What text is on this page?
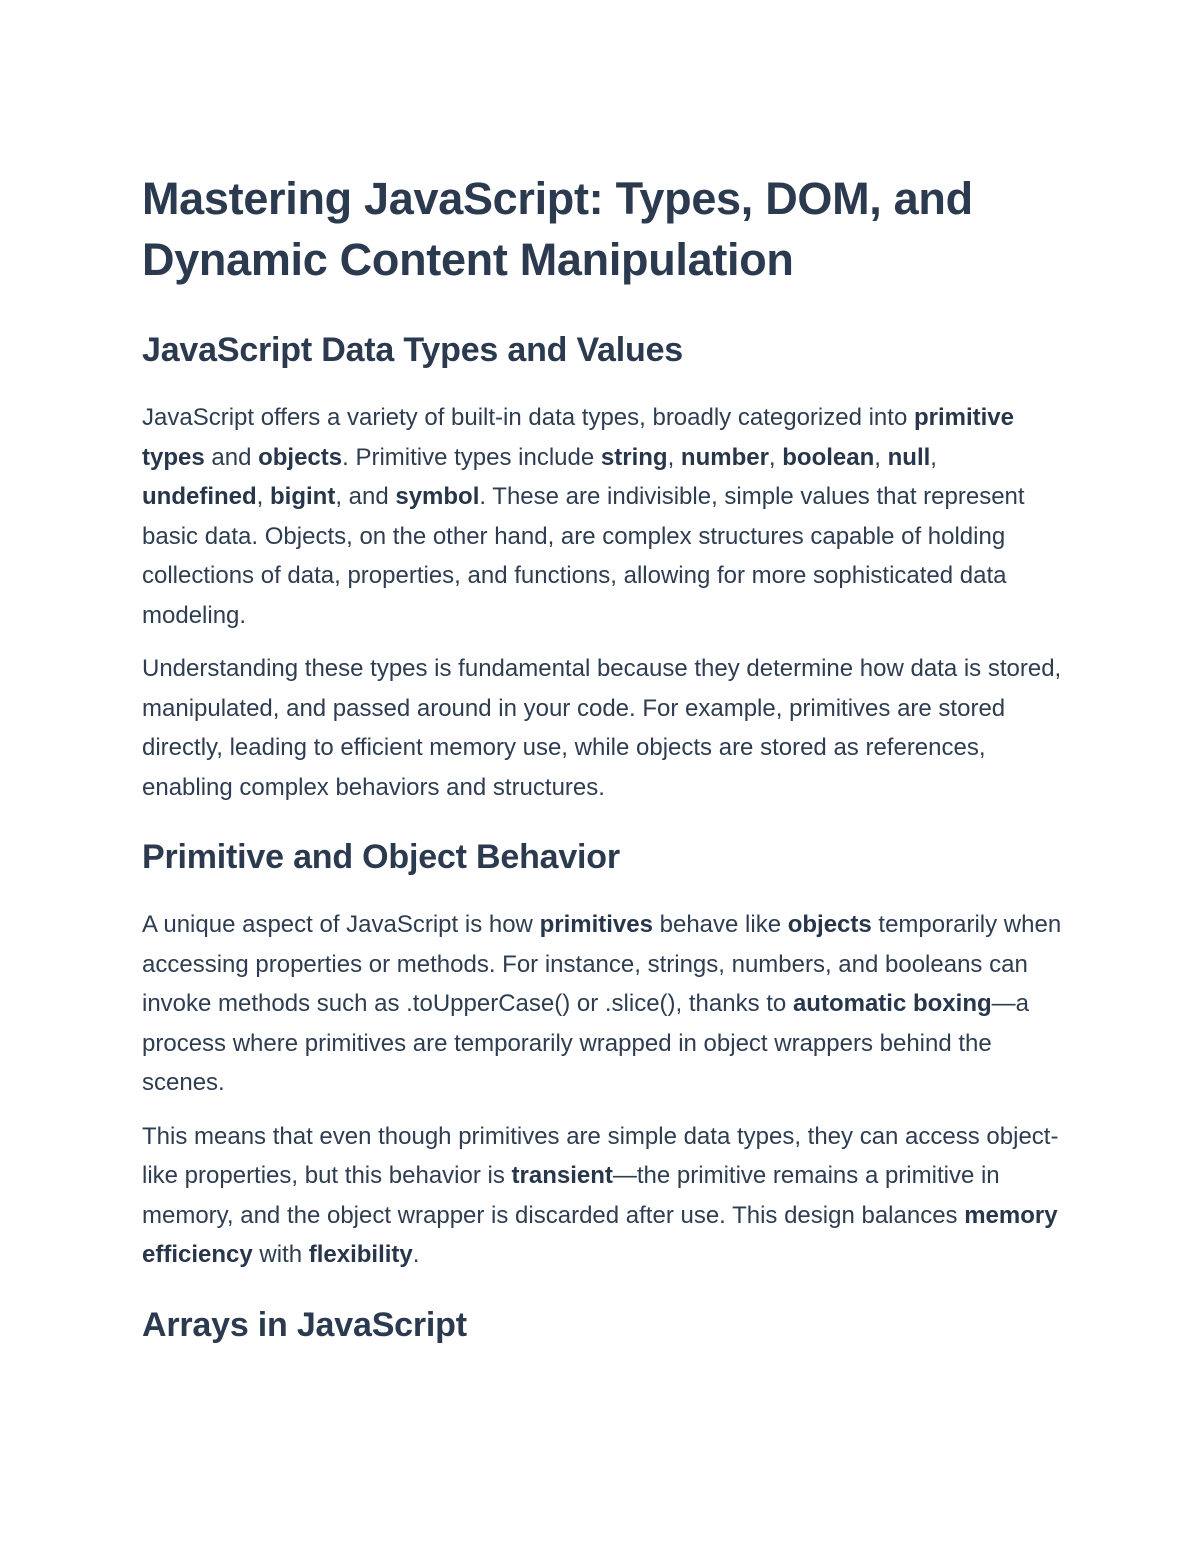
Mastering JavaScript: Types, DOM, and Dynamic Content Manipulation
JavaScript Data Types and Values

JavaScript offers a variety of built-in data types, broadly categorized into primitive types and objects. Primitive types include string, number, boolean, null, undefined, bigint, and symbol. These are indivisible, simple values that represent basic data. Objects, on the other hand, are complex structures capable of holding collections of data, properties, and functions, allowing for more sophisticated data modeling.

Understanding these types is fundamental because they determine how data is stored, manipulated, and passed around in your code. For example, primitives are stored directly, leading to efficient memory use, while objects are stored as references, enabling complex behaviors and structures.

Primitive and Object Behavior

A unique aspect of JavaScript is how primitives behave like objects temporarily when accessing properties or methods. For instance, strings, numbers, and booleans can invoke methods such as .toUpperCase() or .slice(), thanks to automatic boxing—a process where primitives are temporarily wrapped in object wrappers behind the scenes.

This means that even though primitives are simple data types, they can access object-like properties, but this behavior is transient—the primitive remains a primitive in memory, and the object wrapper is discarded after use. This design balances memory efficiency with flexibility.

Arrays in JavaScript
